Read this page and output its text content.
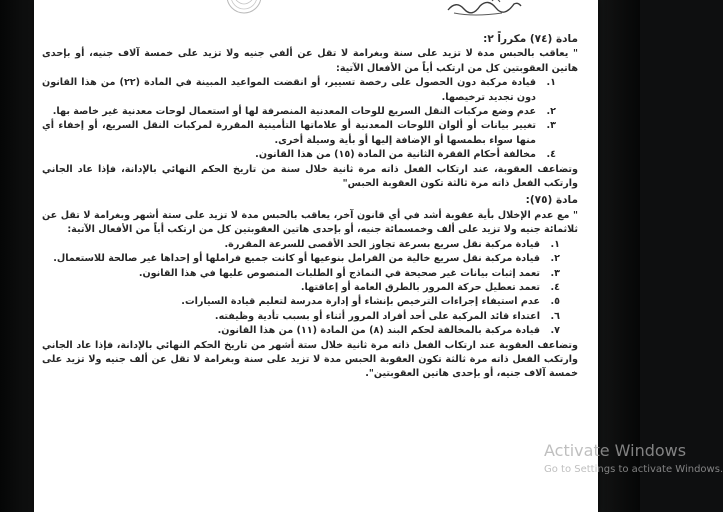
مادة (٧٤) مكرراً ٢:

" يعاقب بالحبس مدة لا تزيد على سنة وبغرامة لا تقل عن ألفي جنيه ولا تزيد على خمسة آلاف جنيه، أو بإحدى هاتين العقوبتين كل من ارتكب أياً من الأفعال الآتية:

١.
قيادة مركبة دون الحصول على رخصة تسيير، أو انقضت المواعيد المبينة في المادة (٢٢) من هذا القانون دون تجديد ترخيصها.
٢.
عدم وضع مركبات النقل السريع للوحات المعدنية المنصرفة لها أو استعمال لوحات معدنية غير خاصة بها.
٣.
تغيير بيانات أو ألوان اللوحات المعدنية أو علاماتها التأمينية المقررة لمركبات النقل السريع، أو إخفاء أي منها سواء بطمسها أو الإضافة إليها أو بأية وسيلة أخرى.
٤.
مخالفة أحكام الفقرة الثانية من المادة (١٥) من هذا القانون.

وتضاعف العقوبة، عند ارتكاب الفعل ذاته مرة ثانية خلال سنة من تاريخ الحكم النهائي بالإدانة، فإذا عاد الجاني وارتكب الفعل ذاته مرة ثالثة تكون العقوبة الحبس"

مادة (٧٥):

" مع عدم الإخلال بأية عقوبة أشد في أي قانون آخر، يعاقب بالحبس مدة لا تزيد على ستة أشهر وبغرامة لا تقل عن ثلاثمائة جنيه ولا تزيد على ألف وخمسمائة جنيه، أو بإحدى هاتين العقوبتين كل من ارتكب أياً من الأفعال الآتية:

١.
قيادة مركبة نقل سريع بسرعة تجاوز الحد الأقصى للسرعة المقررة.
٢.
قيادة مركبة نقل سريع خالية من الفرامل بنوعيها أو كانت جميع فراملها أو إحداها غير صالحة للاستعمال.
٣.
تعمد إثبات بيانات غير صحيحة في النماذج أو الطلبات المنصوص عليها في هذا القانون.
٤.
تعمد تعطيل حركة المرور بالطرق العامة أو إعاقتها.
٥.
عدم استيفاء إجراءات الترخيص بإنشاء أو إدارة مدرسة لتعليم قيادة السيارات.
٦.
اعتداء قائد المركبة على أحد أفراد المرور أثناء أو بسبب تأدية وظيفته.
٧.
قيادة مركبة بالمخالفة لحكم البند (٨) من المادة (١١) من هذا القانون.

وتضاعف العقوبة عند ارتكاب الفعل ذاته مرة ثانية خلال ستة أشهر من تاريخ الحكم النهائي بالإدانة، فإذا عاد الجاني وارتكب الفعل ذاته مرة ثالثة تكون العقوبة الحبس مدة لا تزيد على سنة وبغرامة لا تقل عن ألف جنيه ولا تزيد على خمسة آلاف جنيه، أو بإحدى هاتين العقوبتين".

Activate Windows
Go to Settings to activate Windows.
